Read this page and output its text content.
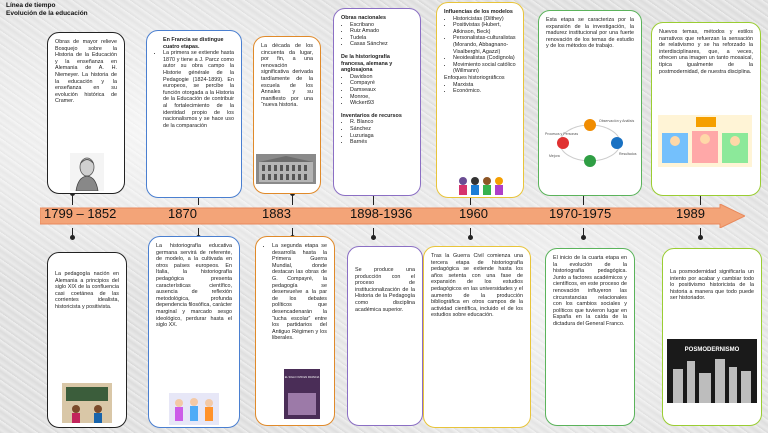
Línea de tiempo
Evolución de la educación
1799 – 1852	1870	1883	1898-1936	1960	1970-1975	1989
Obras de mayor relieve Bosquejo sobre la Historia de la Educación y la enseñanza en Alemania de A. H. Niemeyer. La historia de la educación y la enseñanza en su evolución histórica de Cramer.
En Francia se distingue cuatro etapas.
• La primera se extiende hasta 1870 y tiene a J. Parcz como autor su obra campo la Historie générale de la Pedagogie (1824-1899). En europeos, se percibe la función otorgada a la Historia de la Educación de contribuir al fortalecimiento de la identidad propio de los nacionalismos y se hace uso de la comparación
La década de los cincuenta da lugar, por fin, a una renovación significativa derivada tardíamente de la escuela de los Annales y su manifiesto por una “nueva historia.
Obras nacionales
• Escribano
• Ruiz Amado
• Tudela
• Casas Sánchez
De la historiografía francesa, alemana y anglosajona
• Davidson
• Compayré
• Damseaux
• Monroe,
• Wickert93
Inventarios de recursos
• R. Blanco
• Sánchez
• Luzuriaga
• Barnés
Influencias de los modelos
• Historicistas (Dilthey)
• Positivistas (Hubert, Atkinson, Beck)
• Personalistas-culturalistas (Morando, Abbagnano-Visalberghi, Agazzi)
• Neoidealistas (Codignola)
• Movimiento social católico (Willmann)
Enfoques historiográficos
• Marxista
• Económico.
Esta etapa se caracteriza por la expansión de la investigación, la madurez institucional por una fuerte renovación de los temas de estudio y de los métodos de trabajo.
Observación y Análisis
Procesos y Personas
Mejora	Resultados
Nuevos temas, métodos y estilos narrativos que refuerzan la sensación de relativismo y se ha reforzado la interdisciplinares, que, a veces, ofrecen una imagen un tanto mosaical, típica igualmente de la postmodernidad, de nuestra disciplina.
La pedagogía nación en Alemania a principios del siglo XIX de la confluencia casi coetánea de las corrientes idealista, historicista y positivista.
La historiografía educativa germana servirá de referente, de modelo, a la cultivada en otros países europeos. En Italia, la historiografía pedagógica presenta características científico, ausencia de reflexión metodológica, profunda dependencia filosófica, carácter marginal y marcado sesgo ideológico, perdurar hasta el siglo XX.
• La segunda etapa se desarrolla hasta la Primera Guerra Mundial, donde destacan las obras de G. Compayré, la pedagogía se desenvuelve a la par de los debates políticos que desencadenarán la “lucha escolar” entre los partidarios del Antiguo Régimen y los liberales.
EL SIGLO XVIII EN FRANCIA
Se produce una producción con el proceso de institucionalización de la Historia de la Pedagogía como disciplina académica superior.
Tras la Guerra Civil comienza una tercera etapa de historiografía pedagógica se extiende hasta los años setenta con una fase de expansión de los estudios pedagógicos en las universidades y el aumento de la producción bibliográfica en otros campos de la actividad científica, incluido el de los estudios sobre educación.
El inicio de la cuarta etapa en la evolución de la historiografía pedagógica. Junto a factores académicos y científicos, en este proceso de renovación influyeron las circunstancias relacionales con los cambios sociales y políticos que tuvieron lugar en España en la caída de la dictadura del General Franco.
La posmodernidad significaría un intento por acabar y cambiar todo lo positivismo historicista de la historia a manera que todo puede ser historiador.
POSMODERNISMO
